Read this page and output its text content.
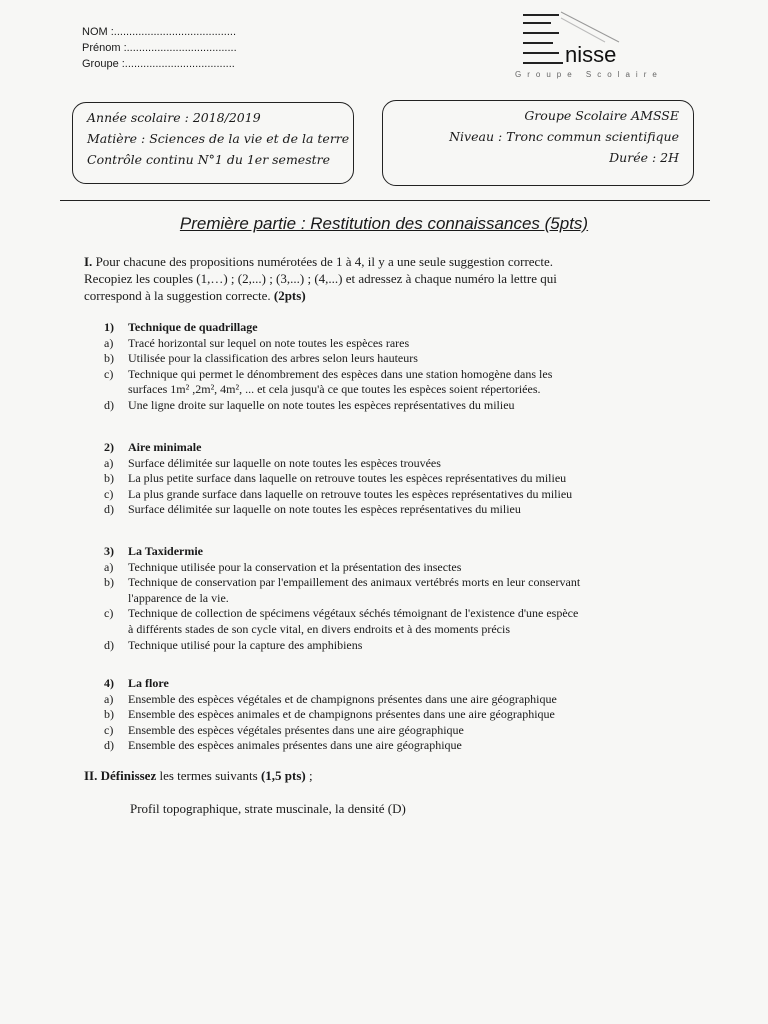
NOM :........................................
Prénom :....................................
Groupe :....................................	nisse
Groupe Scolaire
Année scolaire : 2018/2019
Matière : Sciences de la vie et de la terre
Contrôle continu N°1 du 1er semestre
Groupe Scolaire AMSSE
Niveau : Tronc commun scientifique
Durée : 2H
Première partie : Restitution des connaissances (5pts)
I. Pour chacune des propositions numérotées de 1 à 4, il y a une seule suggestion correcte.
Recopiez les couples (1,…) ; (2,...) ; (3,...) ; (4,...) et adressez à chaque numéro la lettre qui
correspond à la suggestion correcte. (2pts)
1)	Technique de quadrillage
a)	Tracé horizontal sur lequel on note toutes les espèces rares
b)	Utilisée pour la classification des arbres selon leurs hauteurs
c)	Technique qui permet le dénombrement des espèces dans une station homogène dans les
surfaces 1m² ,2m², 4m², ... et cela jusqu'à ce que toutes les espèces soient répertoriées.
d)	Une ligne droite sur laquelle on note toutes les espèces représentatives du milieu
2)	Aire minimale
a)	Surface délimitée sur laquelle on note toutes les espèces trouvées
b)	La plus petite surface dans laquelle on retrouve toutes les espèces représentatives du milieu
c)	La plus grande surface dans laquelle on retrouve toutes les espèces représentatives du milieu
d)	Surface délimitée sur laquelle on note toutes les espèces représentatives du milieu
3)	La Taxidermie
a)	Technique utilisée pour la conservation et la présentation des insectes
b)	Technique de conservation par l'empaillement des animaux vertébrés morts en leur conservant
l'apparence de la vie.
c)	Technique de collection de spécimens végétaux séchés témoignant de l'existence d'une espèce
à différents stades de son cycle vital, en divers endroits et à des moments précis
d)	Technique utilisé pour la capture des amphibiens
4)	La flore
a)	Ensemble des espèces végétales et de champignons présentes dans une aire géographique
b)	Ensemble des espèces animales et de champignons présentes dans une aire géographique
c)	Ensemble des espèces végétales présentes dans une aire géographique
d)	Ensemble des espèces animales présentes dans une aire géographique
II. Définissez les termes suivants (1,5 pts) ;
Profil topographique, strate muscinale, la densité (D)
